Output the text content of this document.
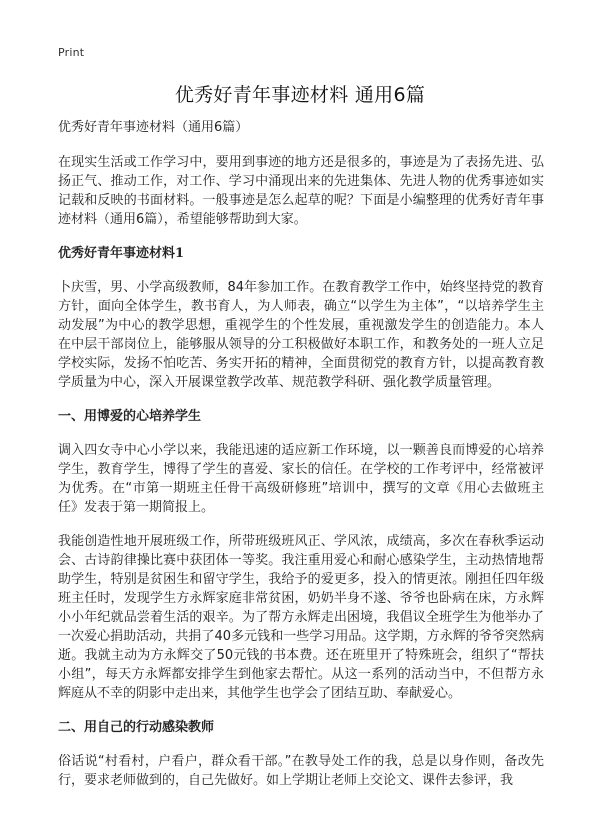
Print
优秀好青年事迹材料 通用6篇
优秀好青年事迹材料（通用6篇）

在现实生活或工作学习中，要用到事迹的地方还是很多的，事迹是为了表扬先进、弘扬正气、推动工作，对工作、学习中涌现出来的先进集体、先进人物的优秀事迹如实记载和反映的书面材料。一般事迹是怎么起草的呢？下面是小编整理的优秀好青年事迹材料（通用6篇），希望能够帮助到大家。

优秀好青年事迹材料1

卜庆雪，男、小学高级教师，84年参加工作。在教育教学工作中，始终坚持党的教育方针，面向全体学生，教书育人，为人师表，确立“以学生为主体”，“以培养学生主动发展”为中心的教学思想，重视学生的个性发展，重视激发学生的创造能力。本人在中层干部岗位上，能够服从领导的分工积极做好本职工作，和教务处的一班人立足学校实际，发扬不怕吃苦、务实开拓的精神，全面贯彻党的教育方针，以提高教育教学质量为中心，深入开展课堂教学改革、规范教学科研、强化教学质量管理。

一、用博爱的心培养学生

调入四女寺中心小学以来，我能迅速的适应新工作环境，以一颗善良而博爱的心培养学生，教育学生，博得了学生的喜爱、家长的信任。在学校的工作考评中，经常被评为优秀。在“市第一期班主任骨干高级研修班”培训中，撰写的文章《用心去做班主任》发表于第一期简报上。

我能创造性地开展班级工作，所带班级班风正、学风浓，成绩高，多次在春秋季运动会、古诗韵律操比赛中获团体一等奖。我注重用爱心和耐心感染学生，主动热情地帮助学生，特别是贫困生和留守学生，我给予的爱更多，投入的情更浓。刚担任四年级班主任时，发现学生方永辉家庭非常贫困，奶奶半身不遂、爷爷也卧病在床，方永辉小小年纪就品尝着生活的艰辛。为了帮方永辉走出困境，我倡议全班学生为他举办了一次爱心捐助活动，共捐了40多元钱和一些学习用品。这学期，方永辉的爷爷突然病逝。我就主动为方永辉交了50元钱的书本费。还在班里开了特殊班会，组织了“帮扶小组”，每天方永辉都安排学生到他家去帮忙。从这一系列的活动当中，不但帮方永辉庭从不幸的阴影中走出来，其他学生也学会了团结互助、奉献爱心。

二、用自己的行动感染教师

俗话说“村看村，户看户，群众看干部。”在教导处工作的我，总是以身作则，备改先行，要求老师做到的，自己先做好。如上学期让老师上交论文、课件去参评，我
